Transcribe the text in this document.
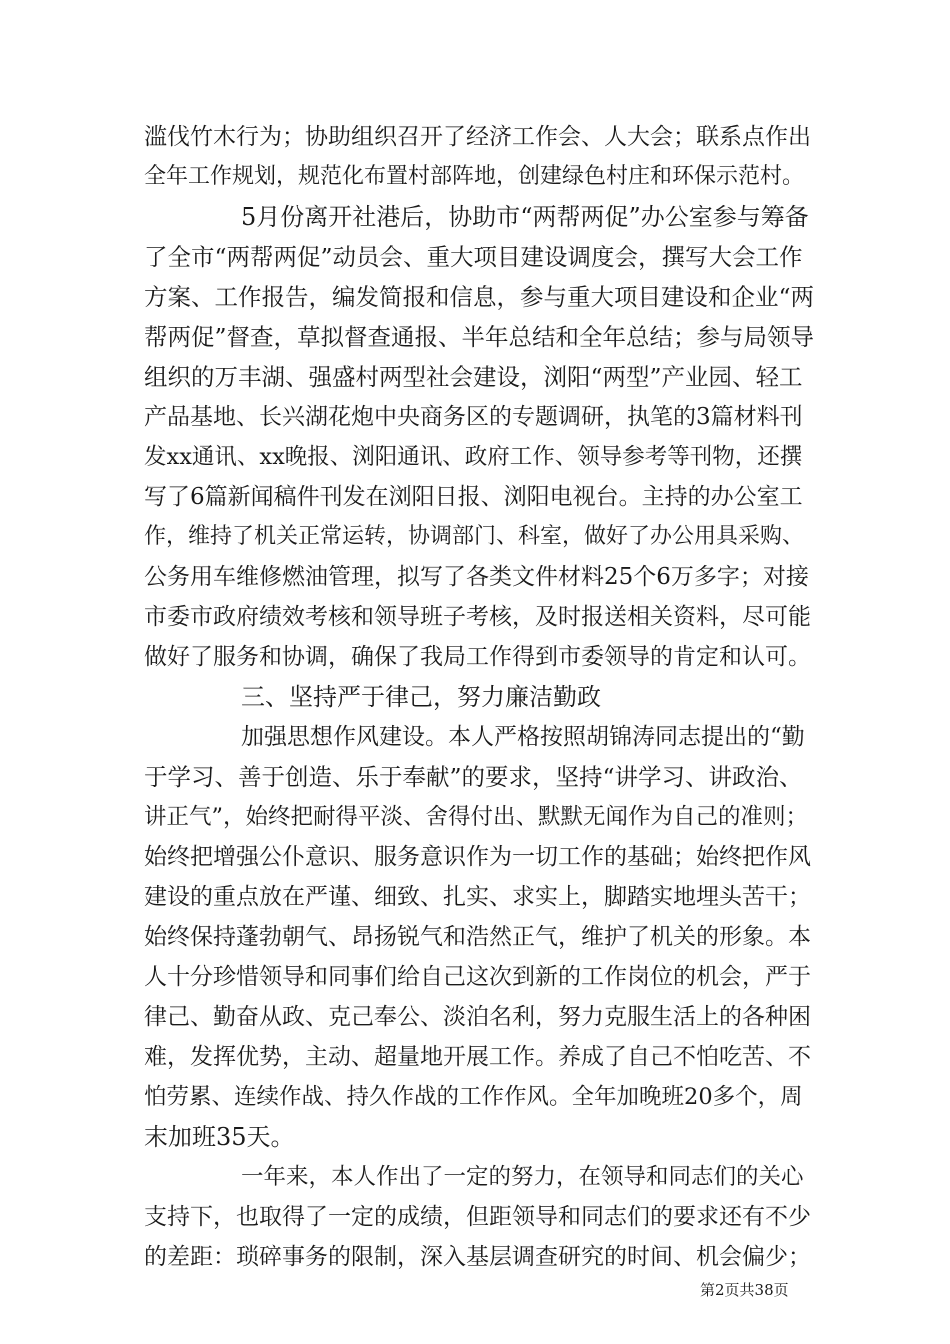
滥伐竹木行为；协助组织召开了经济工作会、人大会；联系点作出
全年工作规划，规范化布置村部阵地，创建绿色村庄和环保示范村。
5月份离开社港后，协助市“两帮两促”办公室参与筹备
了全市“两帮两促”动员会、重大项目建设调度会，撰写大会工作
方案、工作报告，编发简报和信息，参与重大项目建设和企业“两
帮两促”督查，草拟督查通报、半年总结和全年总结；参与局领导
组织的万丰湖、强盛村两型社会建设，浏阳“两型”产业园、轻工
产品基地、长兴湖花炮中央商务区的专题调研，执笔的3篇材料刊
发xx通讯、xx晚报、浏阳通讯、政府工作、领导参考等刊物，还撰
写了6篇新闻稿件刊发在浏阳日报、浏阳电视台。主持的办公室工
作，维持了机关正常运转，协调部门、科室，做好了办公用具采购、
公务用车维修燃油管理，拟写了各类文件材料25个6万多字；对接
市委市政府绩效考核和领导班子考核，及时报送相关资料，尽可能
做好了服务和协调，确保了我局工作得到市委领导的肯定和认可。
三、坚持严于律己，努力廉洁勤政
加强思想作风建设。本人严格按照胡锦涛同志提出的“勤
于学习、善于创造、乐于奉献”的要求，坚持“讲学习、讲政治、
讲正气”，始终把耐得平淡、舍得付出、默默无闻作为自己的准则；
始终把增强公仆意识、服务意识作为一切工作的基础；始终把作风
建设的重点放在严谨、细致、扎实、求实上，脚踏实地埋头苦干；
始终保持蓬勃朝气、昂扬锐气和浩然正气，维护了机关的形象。本
人十分珍惜领导和同事们给自己这次到新的工作岗位的机会，严于
律己、勤奋从政、克己奉公、淡泊名利，努力克服生活上的各种困
难，发挥优势，主动、超量地开展工作。养成了自己不怕吃苦、不
怕劳累、连续作战、持久作战的工作作风。全年加晚班20多个，周
末加班35天。
一年来，本人作出了一定的努力，在领导和同志们的关心
支持下，也取得了一定的成绩，但距领导和同志们的要求还有不少
的差距：琐碎事务的限制，深入基层调查研究的时间、机会偏少；
第2页共38页
